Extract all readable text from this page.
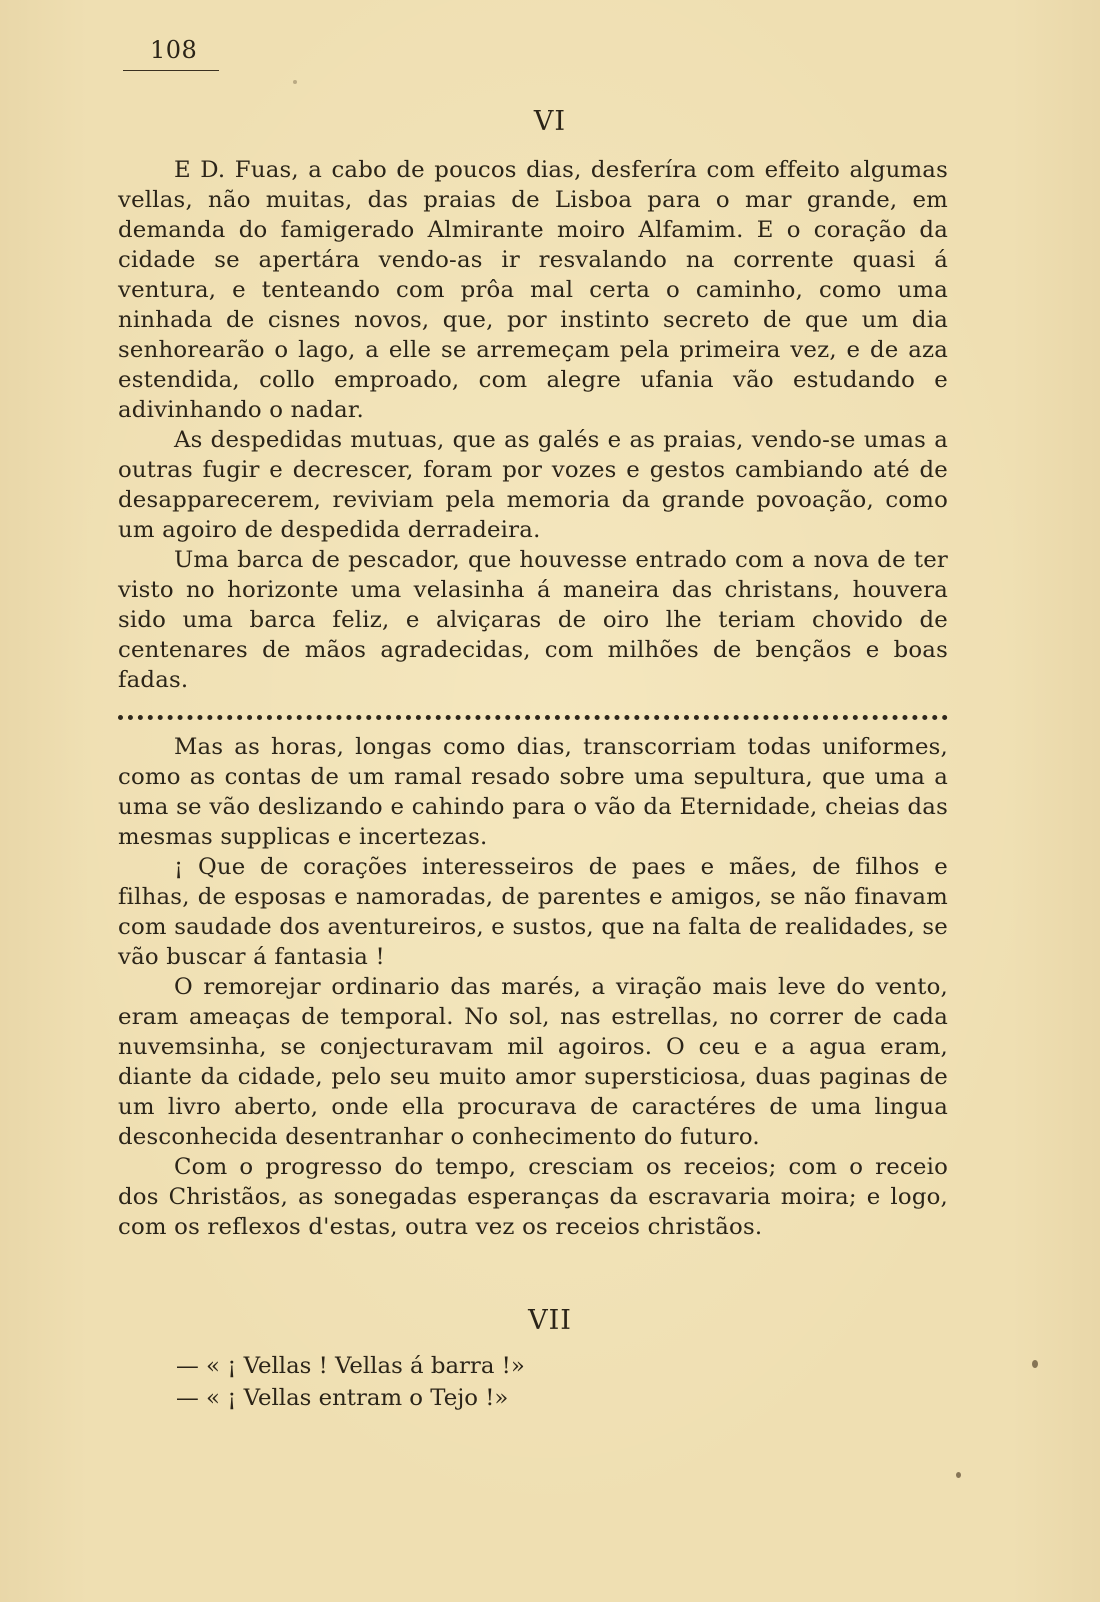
108
VI

E D. Fuas, a cabo de poucos dias, desferíra com effeito algumas vellas, não muitas, das praias de Lisboa para o mar grande, em demanda do famigerado Almirante moiro Alfamim. E o coração da cidade se apertára vendo-as ir resvalando na corrente quasi á ventura, e tenteando com prôa mal certa o caminho, como uma ninhada de cisnes novos, que, por instinto secreto de que um dia senhorearão o lago, a elle se arremeçam pela primeira vez, e de aza estendida, collo emproado, com alegre ufania vão estudando e adivinhando o nadar.

As despedidas mutuas, que as galés e as praias, vendo-se umas a outras fugir e decrescer, foram por vozes e gestos cambiando até de desapparecerem, reviviam pela memoria da grande povoação, como um agoiro de despedida derradeira.

Uma barca de pescador, que houvesse entrado com a nova de ter visto no horizonte uma velasinha á maneira das christans, houvera sido uma barca feliz, e alviçaras de oiro lhe teriam chovido de centenares de mãos agradecidas, com milhões de bençãos e boas fadas.

Mas as horas, longas como dias, transcorriam todas uniformes, como as contas de um ramal resado sobre uma sepultura, que uma a uma se vão deslizando e cahindo para o vão da Eternidade, cheias das mesmas supplicas e incertezas.

¡ Que de corações interesseiros de paes e mães, de filhos e filhas, de esposas e namoradas, de parentes e amigos, se não finavam com saudade dos aventureiros, e sustos, que na falta de realidades, se vão buscar á fantasia !

O remorejar ordinario das marés, a viração mais leve do vento, eram ameaças de temporal. No sol, nas estrellas, no correr de cada nuvemsinha, se conjecturavam mil agoiros. O ceu e a agua eram, diante da cidade, pelo seu muito amor supersticiosa, duas paginas de um livro aberto, onde ella procurava de caractéres de uma lingua desconhecida desentranhar o conhecimento do futuro.

Com o progresso do tempo, cresciam os receios; com o receio dos Christãos, as sonegadas esperanças da escravaria moira; e logo, com os reflexos d'estas, outra vez os receios christãos.

VII

— « ¡ Vellas ! Vellas á barra !»

— « ¡ Vellas entram o Tejo !»
